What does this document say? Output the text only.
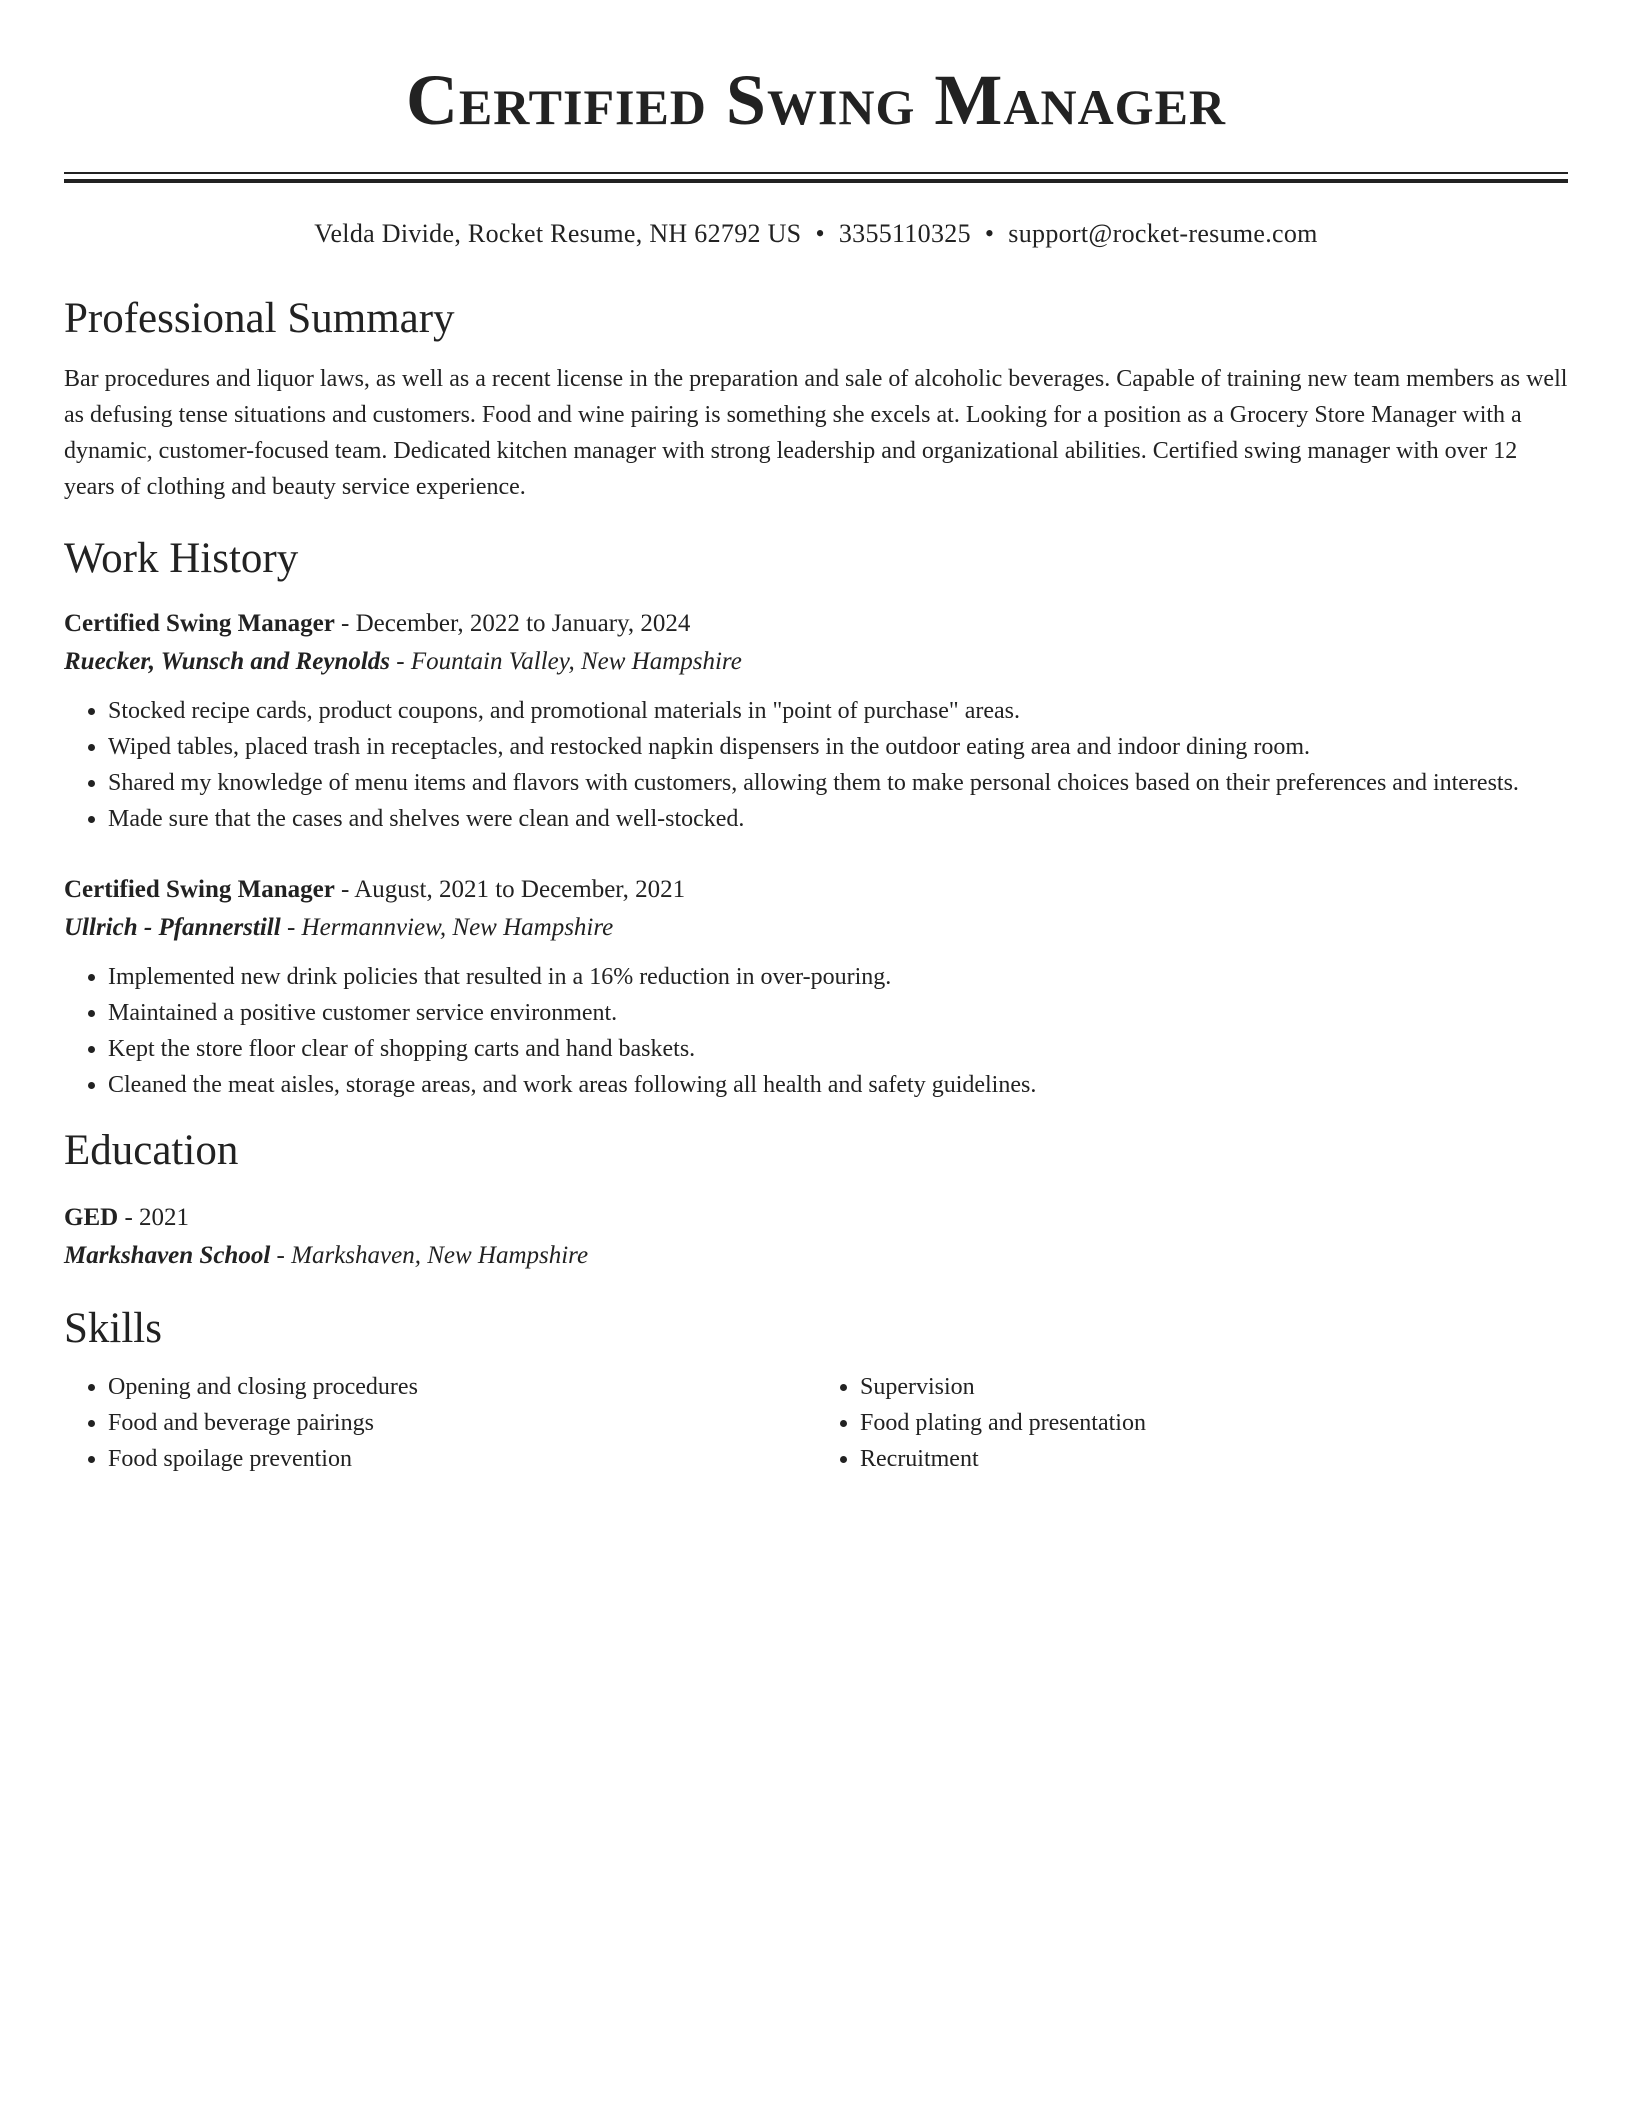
Certified Swing Manager
Velda Divide, Rocket Resume, NH 62792 US • 3355110325 • support@rocket-resume.com
Professional Summary

Bar procedures and liquor laws, as well as a recent license in the preparation and sale of alcoholic beverages. Capable of training new team members as well as defusing tense situations and customers. Food and wine pairing is something she excels at. Looking for a position as a Grocery Store Manager with a dynamic, customer-focused team. Dedicated kitchen manager with strong leadership and organizational abilities. Certified swing manager with over 12 years of clothing and beauty service experience.

Work History
Certified Swing Manager - December, 2022 to January, 2024
Ruecker, Wunsch and Reynolds - Fountain Valley, New Hampshire
• Stocked recipe cards, product coupons, and promotional materials in "point of purchase" areas.
• Wiped tables, placed trash in receptacles, and restocked napkin dispensers in the outdoor eating area and indoor dining room.
• Shared my knowledge of menu items and flavors with customers, allowing them to make personal choices based on their preferences and interests.
• Made sure that the cases and shelves were clean and well-stocked.
Certified Swing Manager - August, 2021 to December, 2021
Ullrich - Pfannerstill - Hermannview, New Hampshire
• Implemented new drink policies that resulted in a 16% reduction in over-pouring.
• Maintained a positive customer service environment.
• Kept the store floor clear of shopping carts and hand baskets.
• Cleaned the meat aisles, storage areas, and work areas following all health and safety guidelines.
Education
GED - 2021
Markshaven School - Markshaven, New Hampshire
Skills
• Opening and closing procedures
• Food and beverage pairings
• Food spoilage prevention
• Supervision
• Food plating and presentation
• Recruitment
